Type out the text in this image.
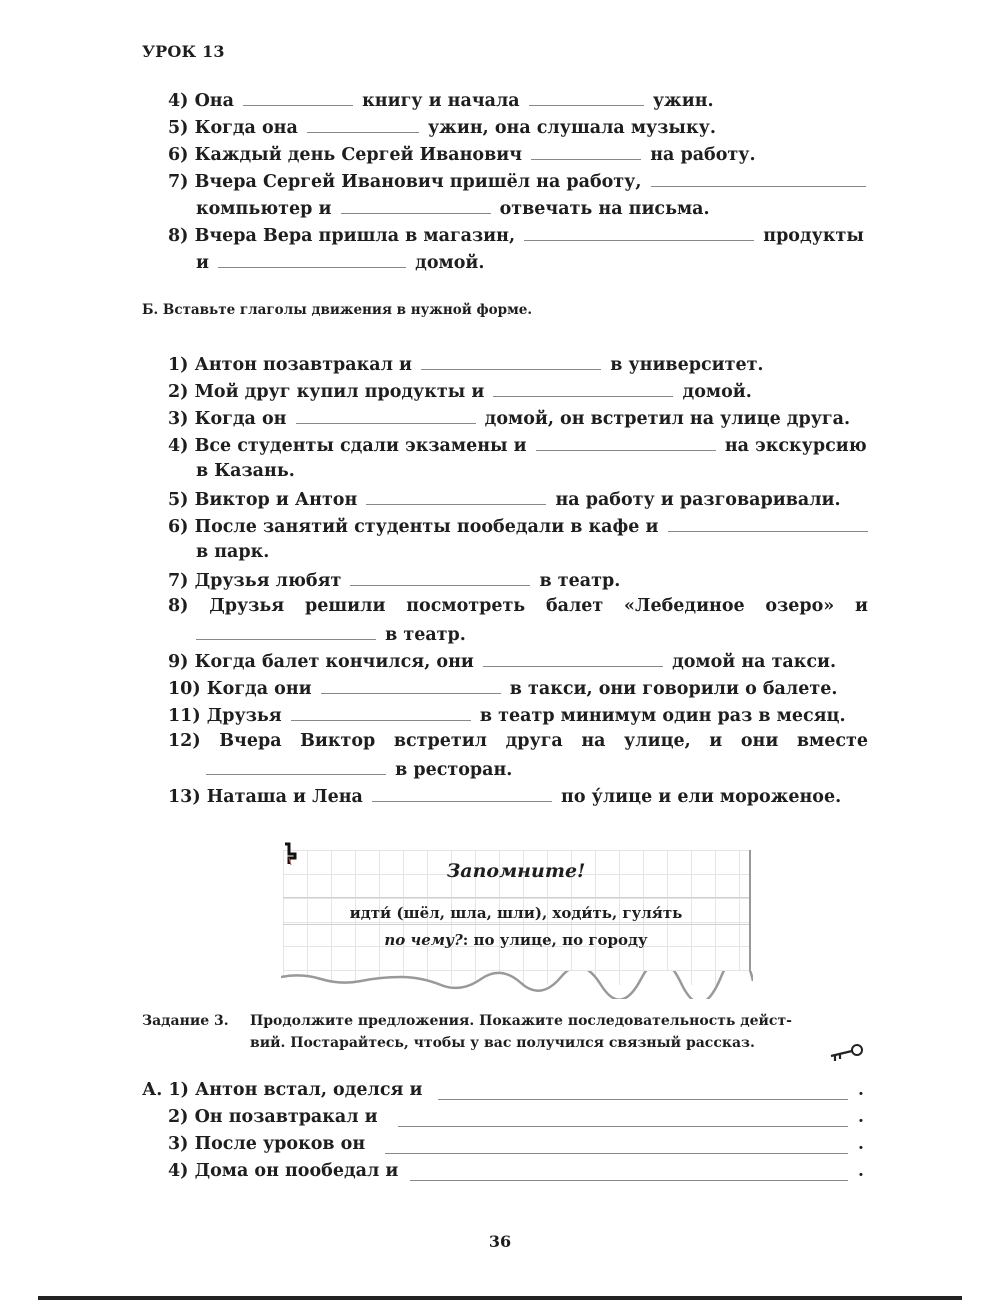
УРОК 13
4) Она	книгу и начала	ужин.
5) Когда она	ужин, она слушала музыку.
6) Каждый день Сергей Иванович	на работу.
7) Вчера Сергей Иванович пришёл на работу,
компьютер и	отвечать на письма.
8) Вчера Вера пришла в магазин,	продукты
и	домой.
Б. Вставьте глаголы движения в нужной форме.
1) Антон позавтракал и	в университет.
2) Мой друг купил продукты и	домой.
3) Когда он	домой, он встретил на улице друга.
4) Все студенты сдали экзамены и	на экскурсию
в Казань.
5) Виктор и Антон	на работу и разговаривали.
6) После занятий студенты пообедали в кафе и
в парк.
7) Друзья любят	в театр.
8) Друзья решили посмотреть балет «Лебединое озеро» и
в театр.
9) Когда балет кончился, они	домой на такси.
10) Когда они	в такси, они говорили о балете.
11) Друзья	в театр минимум один раз в месяц.
12) Вчера Виктор встретил друга на улице, и они вместе
в ресторан.
13) Наташа и Лена	по у́лице и ели мороженое.
Запомните!
идти́ (шёл, шла, шли), ходи́ть, гуля́ть
по чему?: по улице, по городу
Задание 3. Продолжите предложения. Покажите последовательность дейст-
вий. Постарайтесь, чтобы у вас получился связный рассказ.
А. 1) Антон встал, оделся и	.
2) Он позавтракал и	.
3) После уроков он	.
4) Дома он пообедал и	.
36
